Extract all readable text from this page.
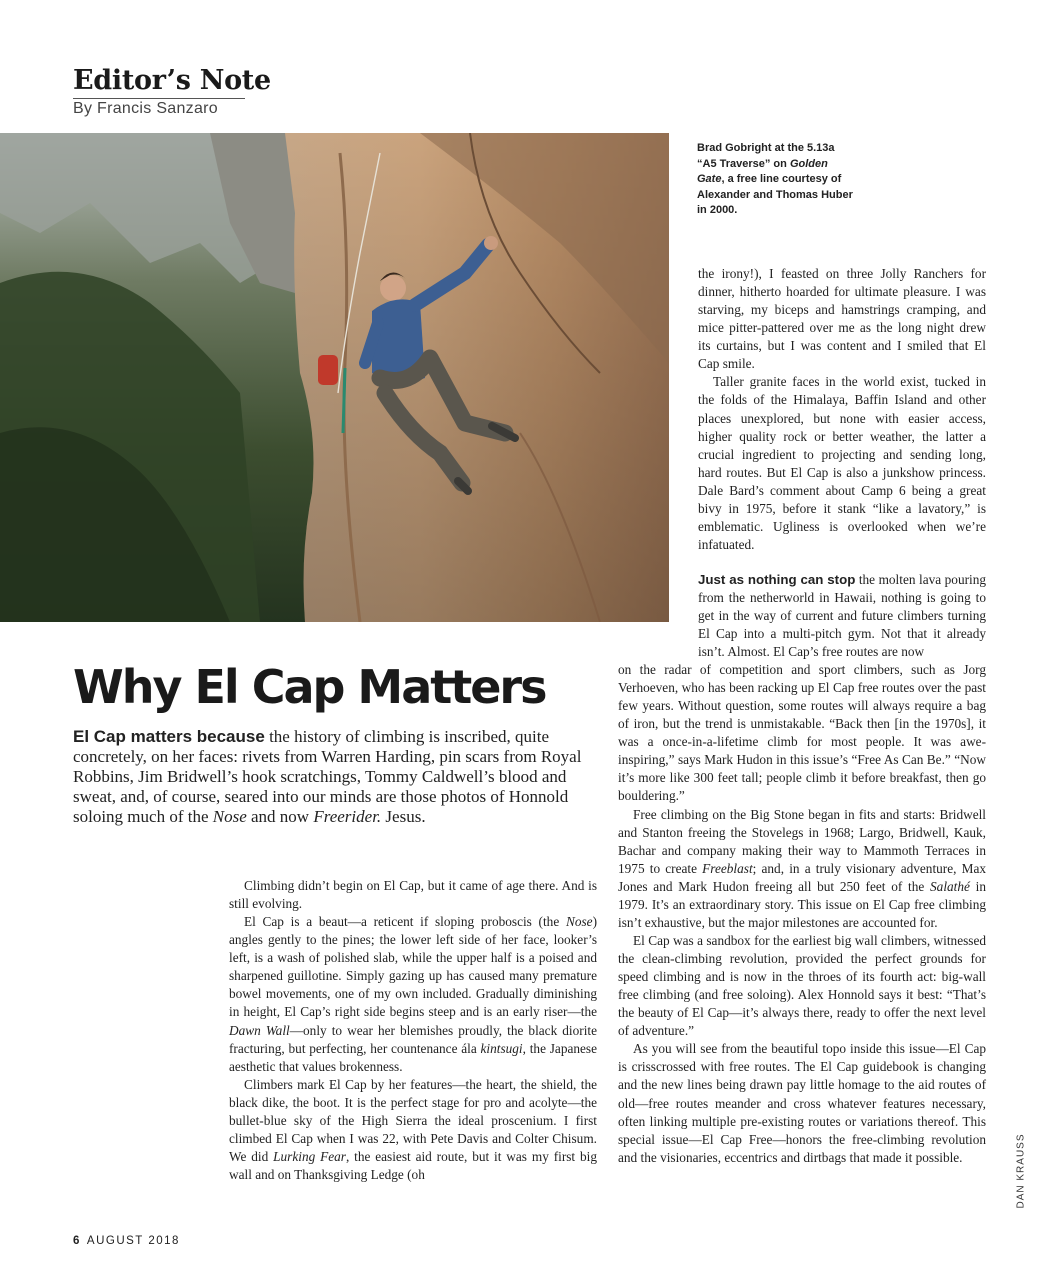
Editor’s Note
By Francis Sanzaro
Brad Gobright at the 5.13a “A5 Traverse” on Golden Gate, a free line courtesy of Alexander and Thomas Huber in 2000.
Why El Cap Matters
El Cap matters because the history of climbing is inscribed, quite concretely, on her faces: rivets from Warren Harding, pin scars from Royal Robbins, Jim Bridwell’s hook scratchings, Tommy Caldwell’s blood and sweat, and, of course, seared into our minds are those photos of Honnold soloing much of the Nose and now Freerider. Jesus.

Climbing didn’t begin on El Cap, but it came of age there. And is still evolving.

El Cap is a beaut—a reticent if sloping proboscis (the Nose) angles gently to the pines; the lower left side of her face, looker’s left, is a wash of polished slab, while the upper half is a poised and sharpened guillotine. Simply gazing up has caused many premature bowel movements, one of my own included. Gradually diminishing in height, El Cap’s right side begins steep and is an early riser—the Dawn Wall—only to wear her blemishes proudly, the black diorite fracturing, but perfecting, her countenance ála kintsugi, the Japanese aesthetic that values brokenness.

Climbers mark El Cap by her features—the heart, the shield, the black dike, the boot. It is the perfect stage for pro and acolyte—the bullet-blue sky of the High Sierra the ideal proscenium. I first climbed El Cap when I was 22, with Pete Davis and Colter Chisum. We did Lurking Fear, the easiest aid route, but it was my first big wall and on Thanksgiving Ledge (oh

the irony!), I feasted on three Jolly Ranchers for dinner, hitherto hoarded for ultimate pleasure. I was starving, my biceps and hamstrings cramping, and mice pitter-pattered over me as the long night drew its curtains, but I was content and I smiled that El Cap smile.

Taller granite faces in the world exist, tucked in the folds of the Himalaya, Baffin Island and other places unexplored, but none with easier access, higher quality rock or better weather, the latter a crucial ingredient to projecting and sending long, hard routes. But El Cap is also a junkshow princess. Dale Bard’s comment about Camp 6 being a great bivy in 1975, before it stank “like a lavatory,” is emblematic. Ugliness is overlooked when we’re infatuated.

Just as nothing can stop the molten lava pouring from the netherworld in Hawaii, nothing is going to get in the way of current and future climbers turning El Cap into a multi-pitch gym. Not that it already isn’t. Almost. El Cap’s free routes are now

on the radar of competition and sport climbers, such as Jorg Verhoeven, who has been racking up El Cap free routes over the past few years. Without question, some routes will always require a bag of iron, but the trend is unmistakable. “Back then [in the 1970s], it was a once-in-a-lifetime climb for most people. It was awe-inspiring,” says Mark Hudon in this issue’s “Free As Can Be.” “Now it’s more like 300 feet tall; people climb it before breakfast, then go bouldering.”

Free climbing on the Big Stone began in fits and starts: Bridwell and Stanton freeing the Stovelegs in 1968; Largo, Bridwell, Kauk, Bachar and company making their way to Mammoth Terraces in 1975 to create Freeblast; and, in a truly visionary adventure, Max Jones and Mark Hudon freeing all but 250 feet of the Salathé in 1979. It’s an extraordinary story. This issue on El Cap free climbing isn’t exhaustive, but the major milestones are accounted for.

El Cap was a sandbox for the earliest big wall climbers, witnessed the clean-climbing revolution, provided the perfect grounds for speed climbing and is now in the throes of its fourth act: big-wall free climbing (and free soloing). Alex Honnold says it best: “That’s the beauty of El Cap—it’s always there, ready to offer the next level of adventure.”

As you will see from the beautiful topo inside this issue—El Cap is crisscrossed with free routes. The El Cap guidebook is changing and the new lines being drawn pay little homage to the aid routes of old—free routes meander and cross whatever features necessary, often linking multiple pre-existing routes or variations thereof. This special issue—El Cap Free—honors the free-climbing revolution and the visionaries, eccentrics and dirtbags that made it possible.	DAN KRAUSS
6 AUGUST 2018
